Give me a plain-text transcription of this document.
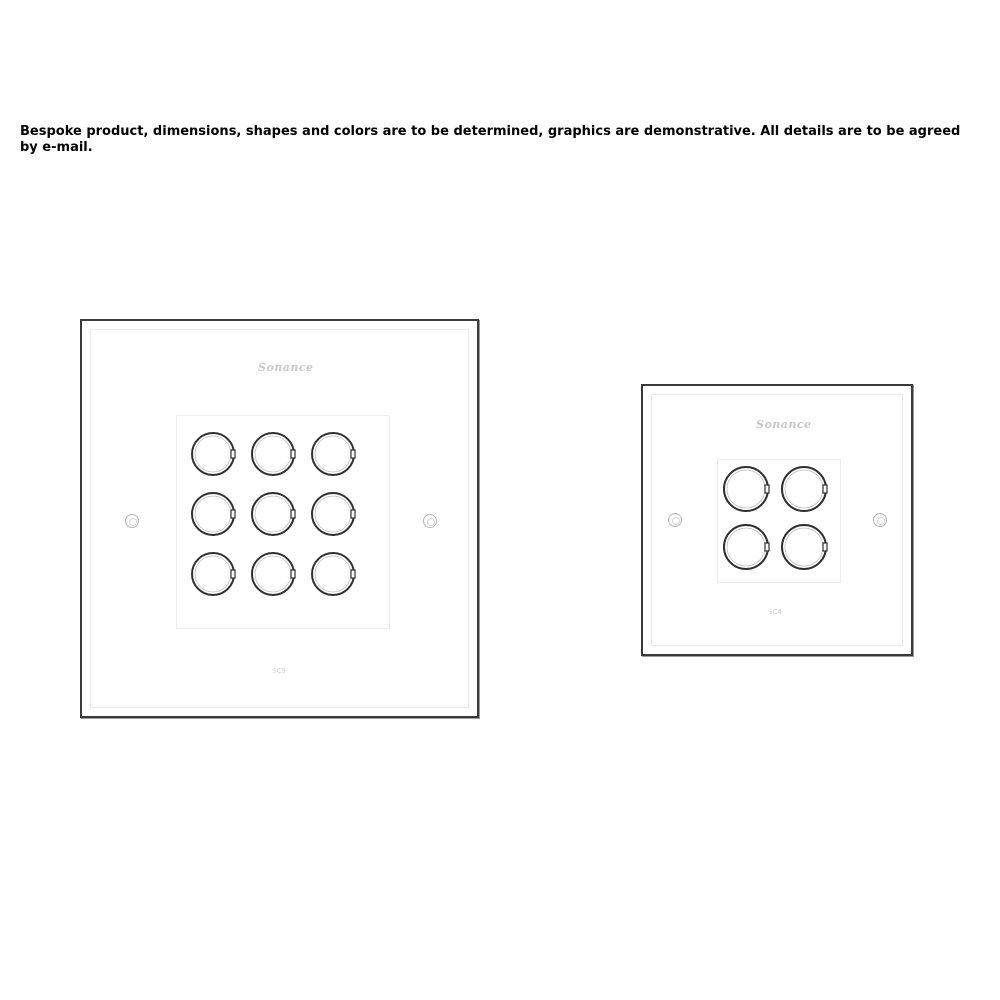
Bespoke product, dimensions, shapes and colors are to be determined, graphics are demonstrative. All details are to be agreed by e-mail.
Sonance
SC9
Sonance
SC4
